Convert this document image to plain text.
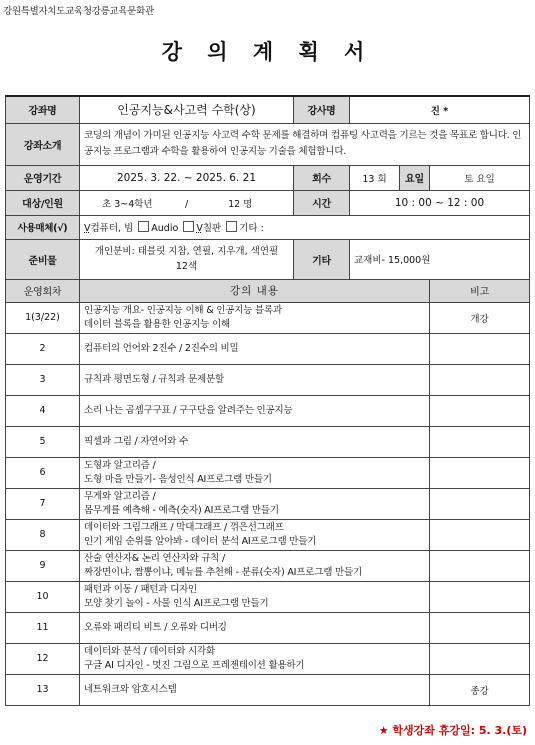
강원특별자치도교육청강릉교육문화관
강 의 계 획 서
강좌명	인공지능&사고력 수학(상)	강사명	진 *		
강좌소개	코딩의 개념이 가미된 인공지능 사고력 수학 문제를 해결하며 컴퓨팅 사고력을 기르는 것을 목표로 합니다. 인공지능 프로그램과 수학을 활용하여 인공지능 기술을 체험합니다.				
운영기간	2025. 3. 22. ~ 2025. 6. 21	회수	13 회	요일	토 요일
대상/인원	초 3~4학년 / 12 명	시간	10 : 00 ~ 12 : 00		
사용매체(√)	V컴퓨터, 빔 Audio V칠판 기타 :				
준비물	개인분비: 태블릿 지참, 연필, 지우개, 색연필 12색	기타	교재비- 15,000원		
운영회차	강의 내용				비고
1(3/22)	인공지능 개요- 인공지능 이해 & 인공지능 블록과
데이터 블록을 활용한 인공지능 이해				개강
2	컴퓨터의 언어와 2진수 / 2진수의 비밀				

3	규칙과 평면도형 / 규칙과 문제분할				

4	소리 나는 곱셈구구표 / 구구단을 알려주는 인공지능				

5	픽셀과 그림 / 자연어와 수				

6	도형과 알고리즘 /
도형 마을 만들기- 음성인식 AI프로그램 만들기				

7	무게와 알고리즘 /
몸무게를 예측해 - 예측(숫자) AI프로그램 만들기				

8	데이터와 그림그래프 / 막대그래프 / 꺾은선그래프
인기 게임 순위를 알아봐 - 데이터 분석 AI프로그램 만들기				

9	산술 연산자& 논리 연산자와 규칙 /
짜장면이냐, 짬뽕이냐, 메뉴를 추천해 - 분류(숫자) AI프로그램 만들기				

10	패턴과 이동 / 패턴과 디자인
모양 찾기 놀이 - 사물 인식 AI프로그램 만들기				

11	오류와 패리티 비트 / 오류와 디버깅				

12	데이터와 분석 / 데이터와 시각화
구글 AI 디자인 - 멋진 그림으로 프레젠테이션 활용하기				

13	네트워크와 암호시스템				종강
★ 학생강좌 휴강일: 5. 3.(토)
